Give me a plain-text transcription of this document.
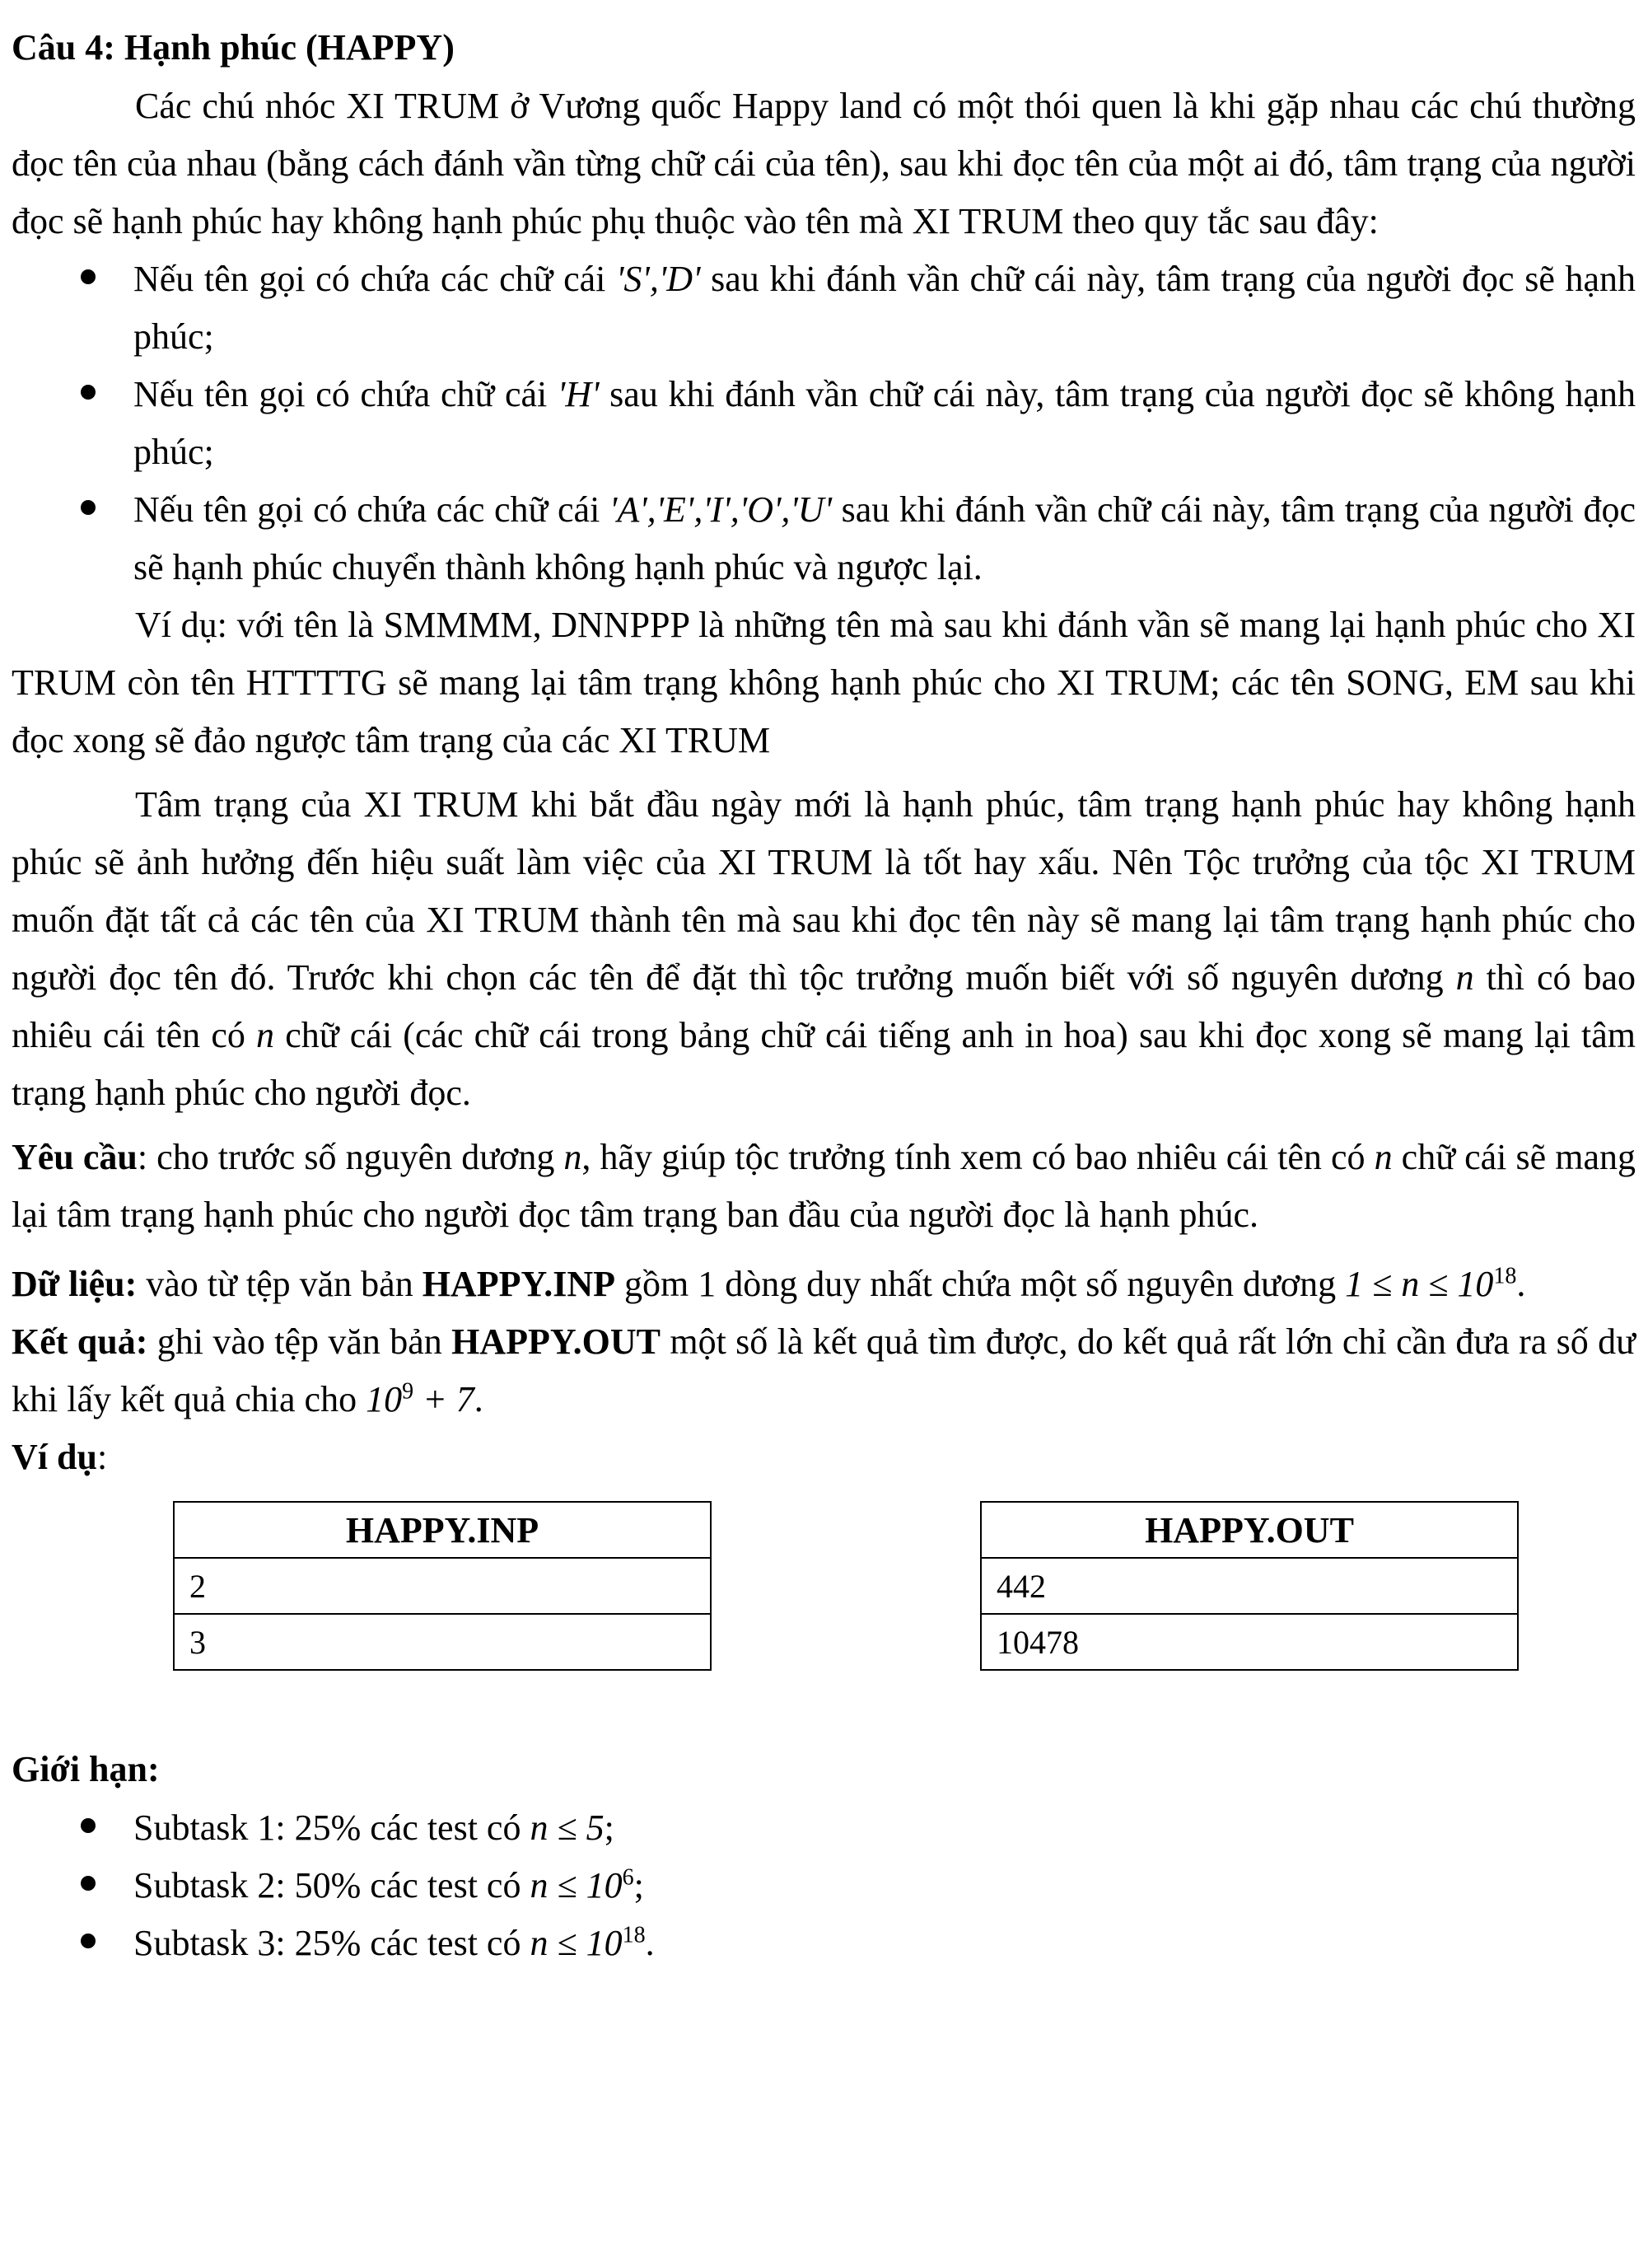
Câu 4: Hạnh phúc (HAPPY)

Các chú nhóc XI TRUM ở Vương quốc Happy land có một thói quen là khi gặp nhau các chú thường đọc tên của nhau (bằng cách đánh vần từng chữ cái của tên), sau khi đọc tên của một ai đó, tâm trạng của người đọc sẽ hạnh phúc hay không hạnh phúc phụ thuộc vào tên mà XI TRUM theo quy tắc sau đây:

Nếu tên gọi có chứa các chữ cái 'S','D' sau khi đánh vần chữ cái này, tâm trạng của người đọc sẽ hạnh phúc;
Nếu tên gọi có chứa chữ cái 'H' sau khi đánh vần chữ cái này, tâm trạng của người đọc sẽ không hạnh phúc;
Nếu tên gọi có chứa các chữ cái 'A','E','I','O','U' sau khi đánh vần chữ cái này, tâm trạng của người đọc sẽ hạnh phúc chuyển thành không hạnh phúc và ngược lại.

Ví dụ: với tên là SMMMM, DNNPPP là những tên mà sau khi đánh vần sẽ mang lại hạnh phúc cho XI TRUM còn tên HTTTTG sẽ mang lại tâm trạng không hạnh phúc cho XI TRUM; các tên SONG, EM sau khi đọc xong sẽ đảo ngược tâm trạng của các XI TRUM

Tâm trạng của XI TRUM khi bắt đầu ngày mới là hạnh phúc, tâm trạng hạnh phúc hay không hạnh phúc sẽ ảnh hưởng đến hiệu suất làm việc của XI TRUM là tốt hay xấu. Nên Tộc trưởng của tộc XI TRUM muốn đặt tất cả các tên của XI TRUM thành tên mà sau khi đọc tên này sẽ mang lại tâm trạng hạnh phúc cho người đọc tên đó. Trước khi chọn các tên để đặt thì tộc trưởng muốn biết với số nguyên dương n thì có bao nhiêu cái tên có n chữ cái (các chữ cái trong bảng chữ cái tiếng anh in hoa) sau khi đọc xong sẽ mang lại tâm trạng hạnh phúc cho người đọc.

Yêu cầu: cho trước số nguyên dương n, hãy giúp tộc trưởng tính xem có bao nhiêu cái tên có n chữ cái sẽ mang lại tâm trạng hạnh phúc cho người đọc tâm trạng ban đầu của người đọc là hạnh phúc.

Dữ liệu: vào từ tệp văn bản HAPPY.INP gồm 1 dòng duy nhất chứa một số nguyên dương $1 \le n \le 10^{18}$.

Kết quả: ghi vào tệp văn bản HAPPY.OUT một số là kết quả tìm được, do kết quả rất lớn chỉ cần đưa ra số dư khi lấy kết quả chia cho $10^9 + 7$.

Ví dụ:

HAPPY.INP
2
3
HAPPY.OUT
442
10478

Giới hạn:

Subtask 1: 25% các test có n ≤ 5;
Subtask 2: 50% các test có $n \le 10^6$;
Subtask 3: 25% các test có $n \le 10^{18}$.
